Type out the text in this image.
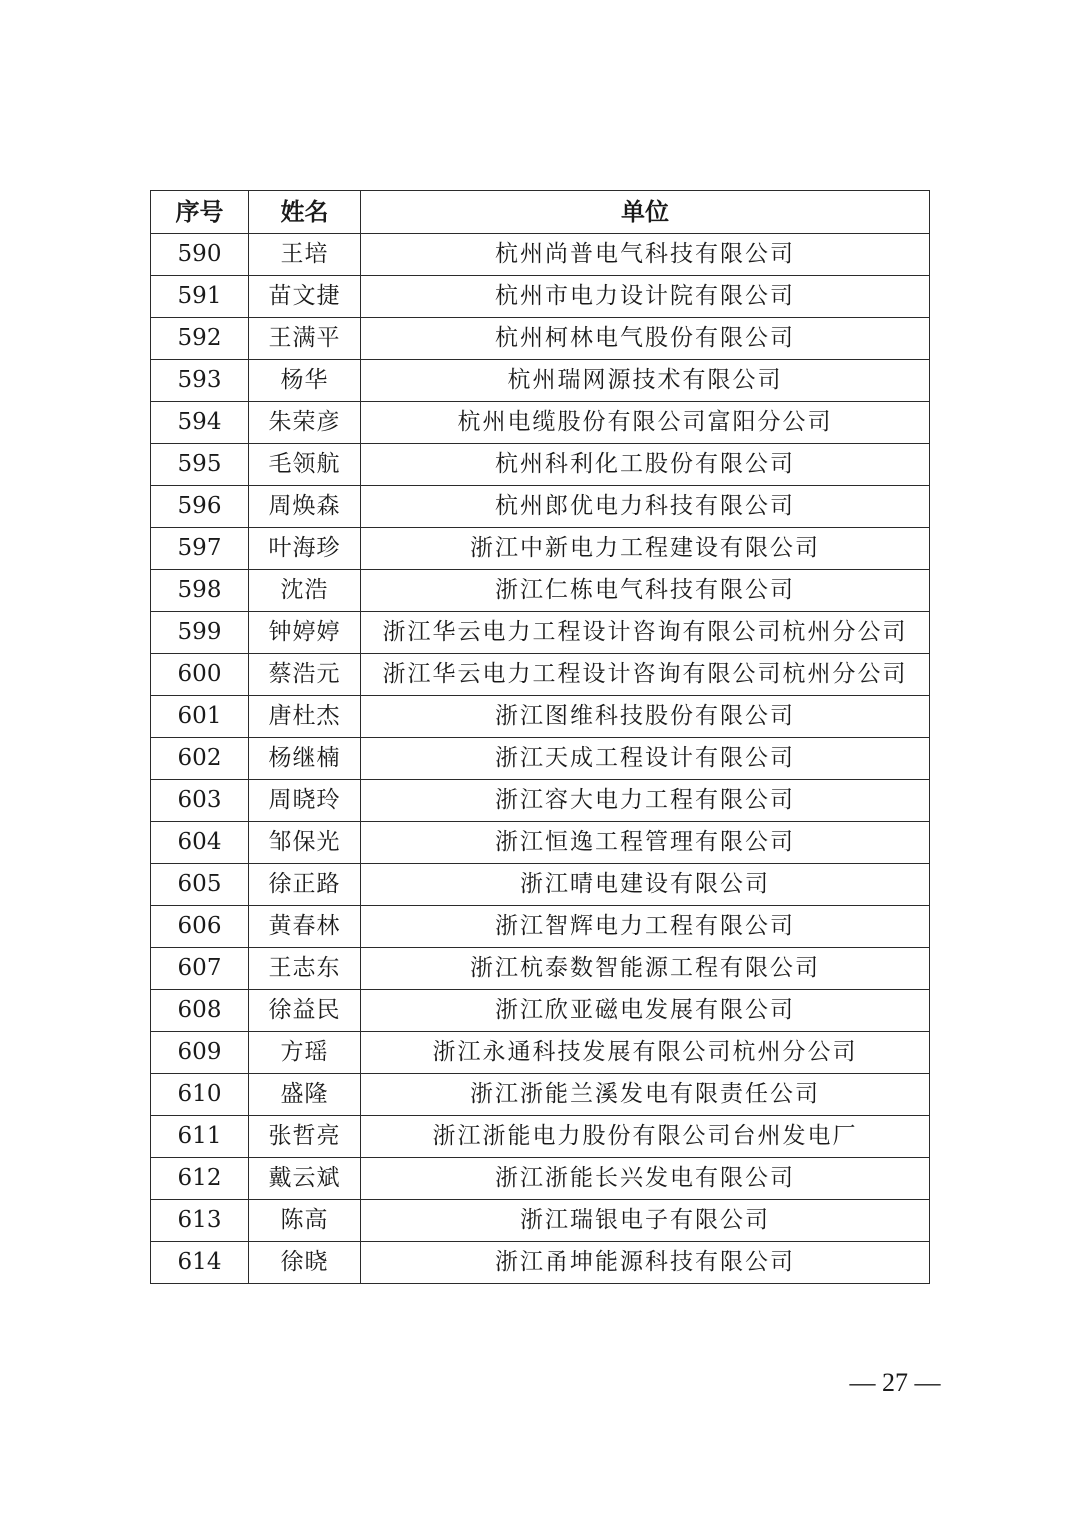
序号	姓名	单位
590	王培	杭州尚普电气科技有限公司
591	苗文捷	杭州市电力设计院有限公司
592	王满平	杭州柯林电气股份有限公司
593	杨华	杭州瑞网源技术有限公司
594	朱荣彦	杭州电缆股份有限公司富阳分公司
595	毛领航	杭州科利化工股份有限公司
596	周焕森	杭州郎优电力科技有限公司
597	叶海珍	浙江中新电力工程建设有限公司
598	沈浩	浙江仁栋电气科技有限公司
599	钟婷婷	浙江华云电力工程设计咨询有限公司杭州分公司
600	蔡浩元	浙江华云电力工程设计咨询有限公司杭州分公司
601	唐杜杰	浙江图维科技股份有限公司
602	杨继楠	浙江天成工程设计有限公司
603	周晓玲	浙江容大电力工程有限公司
604	邹保光	浙江恒逸工程管理有限公司
605	徐正路	浙江晴电建设有限公司
606	黄春林	浙江智辉电力工程有限公司
607	王志东	浙江杭泰数智能源工程有限公司
608	徐益民	浙江欣亚磁电发展有限公司
609	方瑶	浙江永通科技发展有限公司杭州分公司
610	盛隆	浙江浙能兰溪发电有限责任公司
611	张哲亮	浙江浙能电力股份有限公司台州发电厂
612	戴云斌	浙江浙能长兴发电有限公司
613	陈高	浙江瑞银电子有限公司
614	徐晓	浙江甬坤能源科技有限公司
— 27 —
